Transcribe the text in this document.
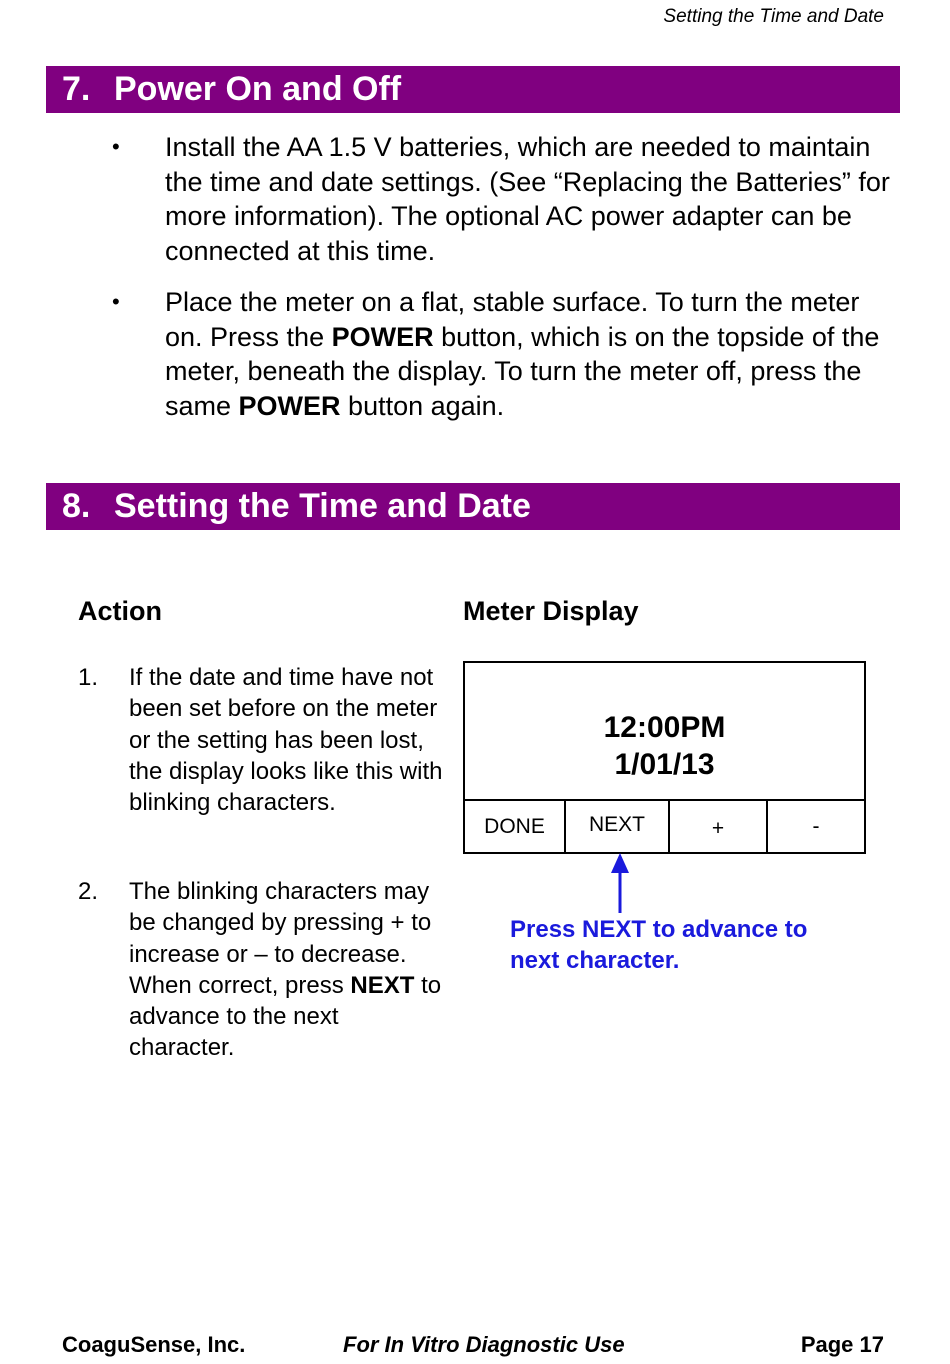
Setting the Time and Date
7. Power On and Off
• Install the AA 1.5 V batteries, which are needed to maintain the time and date settings. (See “Replacing the Batteries” for more information). The optional AC power adapter can be connected at this time.
• Place the meter on a flat, stable surface. To turn the meter on. Press the POWER button, which is on the topside of the meter, beneath the display. To turn the meter off, press the same POWER button again.
8. Setting the Time and Date
Action	Meter Display
1. If the date and time have not been set before on the meter or the setting has been lost, the display looks like this with blinking characters.
2. The blinking characters may be changed by pressing + to increase or – to decrease. When correct, press NEXT to advance to the next character.
12:00PM
1/01/13
DONE	NEXT	+	-
Press NEXT to advance to next character.
CoaguSense, Inc.	For In Vitro Diagnostic Use	Page 17
